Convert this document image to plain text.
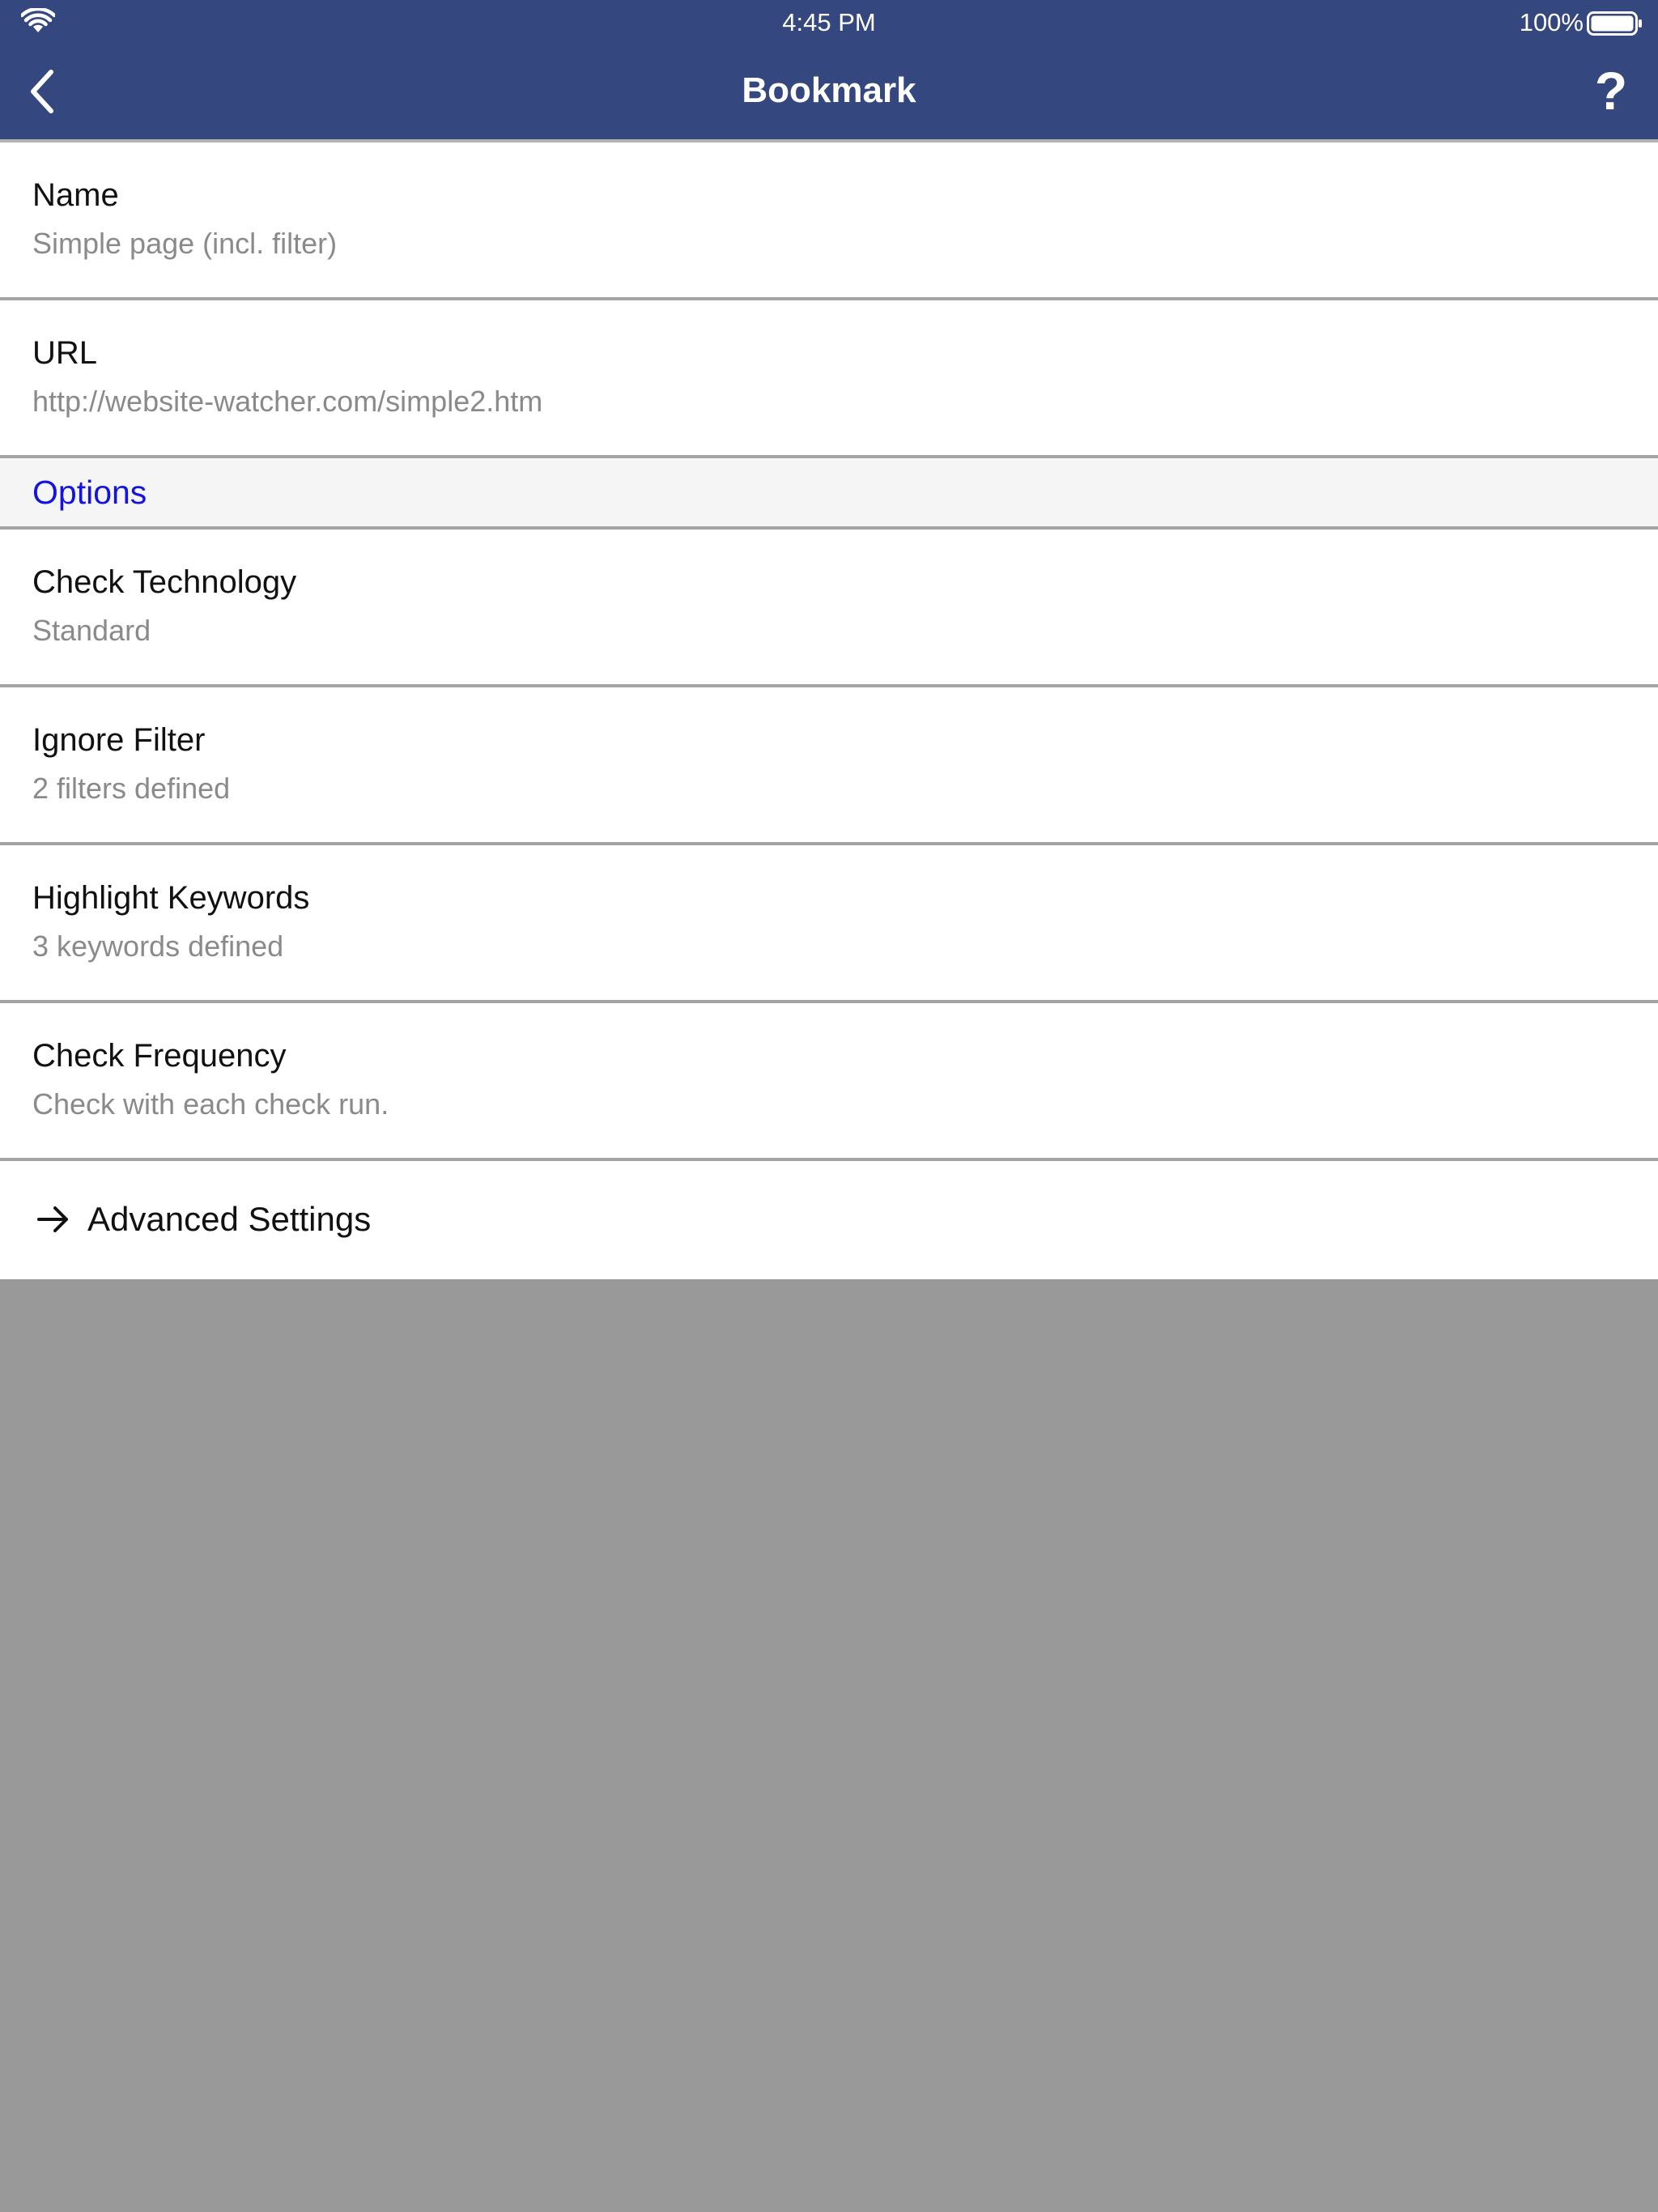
4:45 PM	100%
Bookmark	?
Name
Simple page (incl. filter)
URL
http://website-watcher.com/simple2.htm
Options
Check Technology
Standard
Ignore Filter
2 filters defined
Highlight Keywords
3 keywords defined
Check Frequency
Check with each check run.
Advanced Settings
